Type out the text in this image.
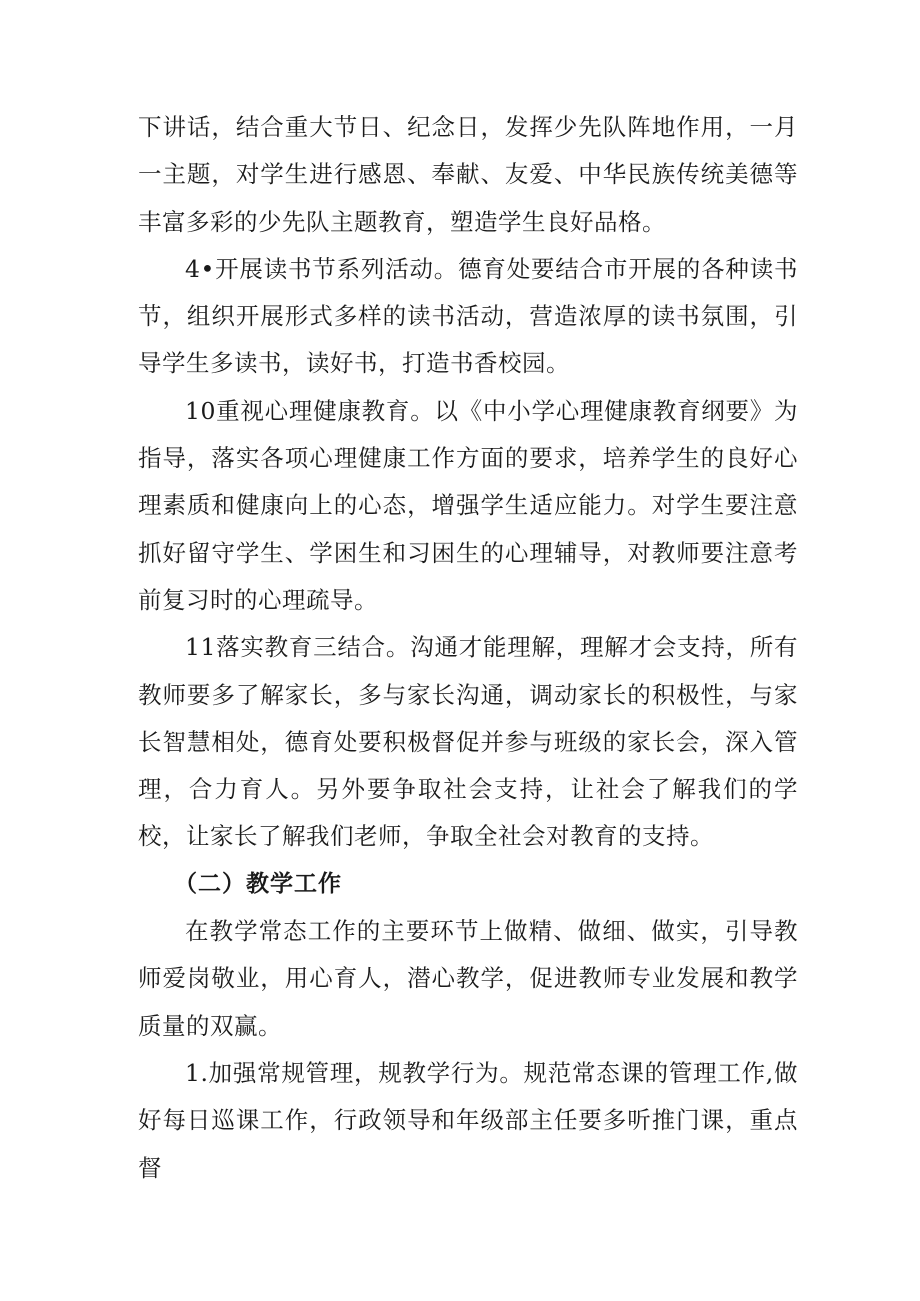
下讲话，结合重大节日、纪念日，发挥少先队阵地作用，一月一主题，对学生进行感恩、奉献、友爱、中华民族传统美德等丰富多彩的少先队主题教育，塑造学生良好品格。

4•开展读书节系列活动。德育处要结合市开展的各种读书节，组织开展形式多样的读书活动，营造浓厚的读书氛围，引导学生多读书，读好书，打造书香校园。

10重视心理健康教育。以《中小学心理健康教育纲要》为指导，落实各项心理健康工作方面的要求，培养学生的良好心理素质和健康向上的心态，增强学生适应能力。对学生要注意抓好留守学生、学困生和习困生的心理辅导，对教师要注意考前复习时的心理疏导。

11落实教育三结合。沟通才能理解，理解才会支持，所有教师要多了解家长，多与家长沟通，调动家长的积极性，与家长智慧相处，德育处要积极督促并参与班级的家长会，深入管理，合力育人。另外要争取社会支持，让社会了解我们的学校，让家长了解我们老师，争取全社会对教育的支持。

（二）教学工作

在教学常态工作的主要环节上做精、做细、做实，引导教师爱岗敬业，用心育人，潜心教学，促进教师专业发展和教学质量的双赢。

1.加强常规管理，规教学行为。规范常态课的管理工作,做好每日巡课工作，行政领导和年级部主任要多听推门课，重点督
